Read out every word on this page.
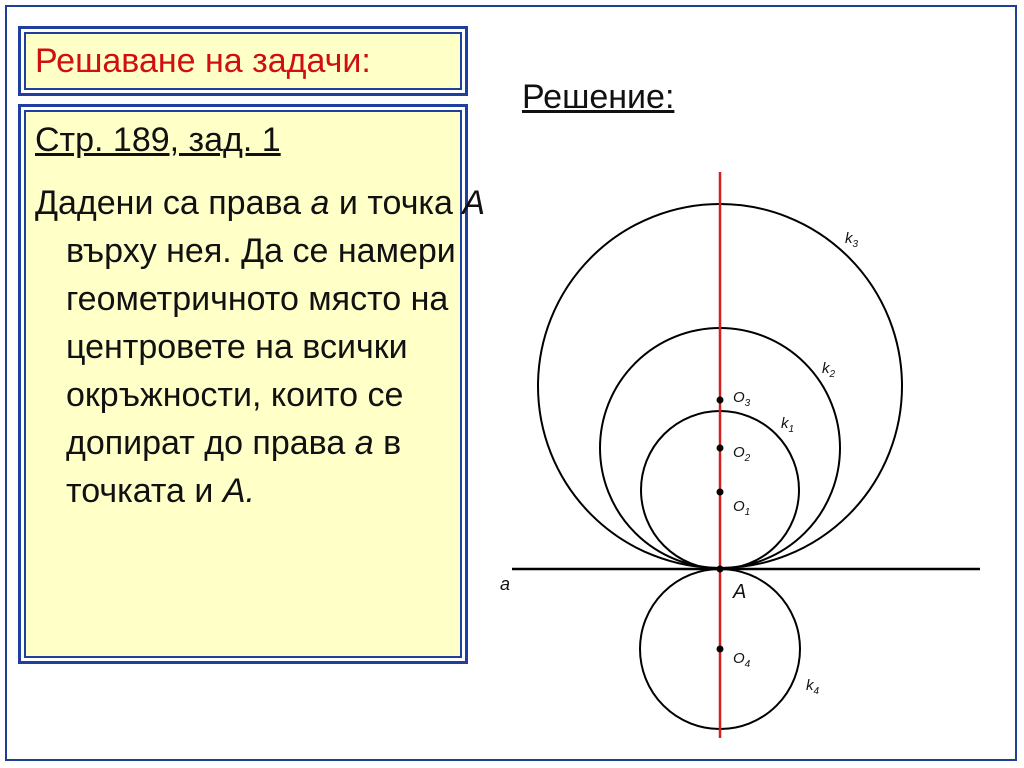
Решаване на задачи:
Стр. 189, зад. 1
Дадени са права а и точка А върху нея. Да се намери геометричното място на центровете на всички окръжности, които се допират до права а в точката и А.
Решение:
a	A
$O_3$
$O_2$
$O_1$
$O_4$
$k_3$
$k_2$
$k_1$
$k_4$
